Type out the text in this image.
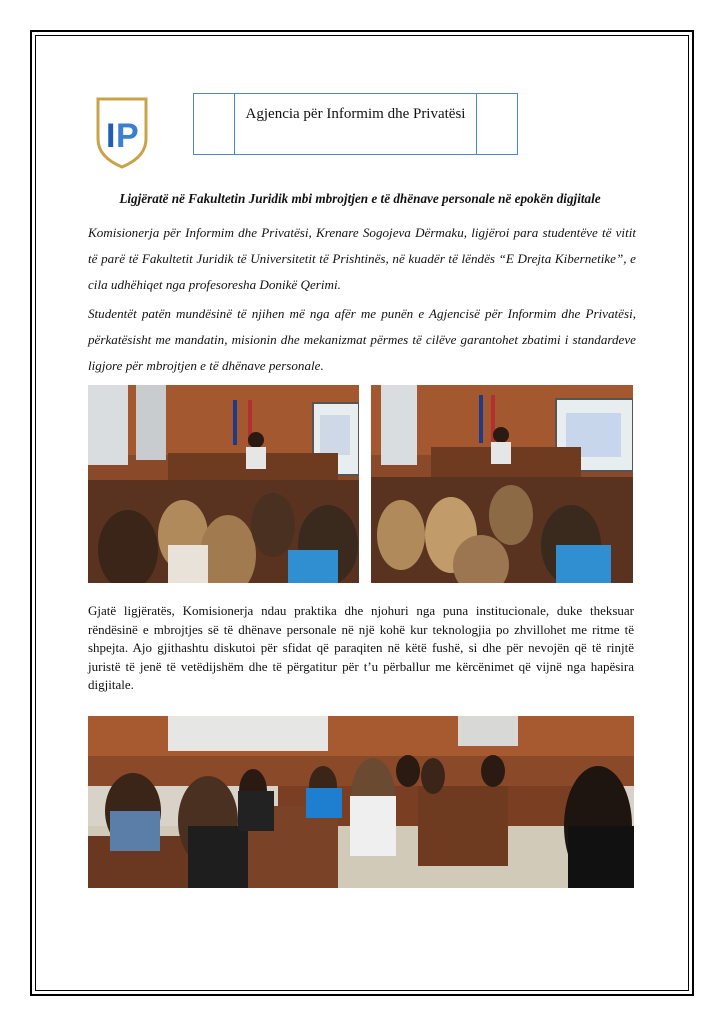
I P
Agjencia për Informim dhe Privatësi
Ligjëratë në Fakultetin Juridik mbi mbrojtjen e të dhënave personale në epokën digjitale

Komisionerja për Informim dhe Privatësi, Krenare Sogojeva Dërmaku, ligjëroi para studentëve të vitit të parë të Fakultetit Juridik të Universitetit të Prishtinës, në kuadër të lëndës “E Drejta Kibernetike”, e cila udhëhiqet nga profesoresha Donikë Qerimi.

Studentët patën mundësinë të njihen më nga afër me punën e Agjencisë për Informim dhe Privatësi, përkatësisht me mandatin, misionin dhe mekanizmat përmes të cilëve garantohet zbatimi i standardeve ligjore për mbrojtjen e të dhënave personale.

Gjatë ligjëratës, Komisionerja ndau praktika dhe njohuri nga puna institucionale, duke theksuar rëndësinë e mbrojtjes së të dhënave personale në një kohë kur teknologjia po zhvillohet me ritme të shpejta. Ajo gjithashtu diskutoi për sfidat që paraqiten në këtë fushë, si dhe për nevojën që të rinjtë juristë të jenë të vetëdijshëm dhe të përgatitur për t’u përballur me kërcënimet që vijnë nga hapësira digjitale.
